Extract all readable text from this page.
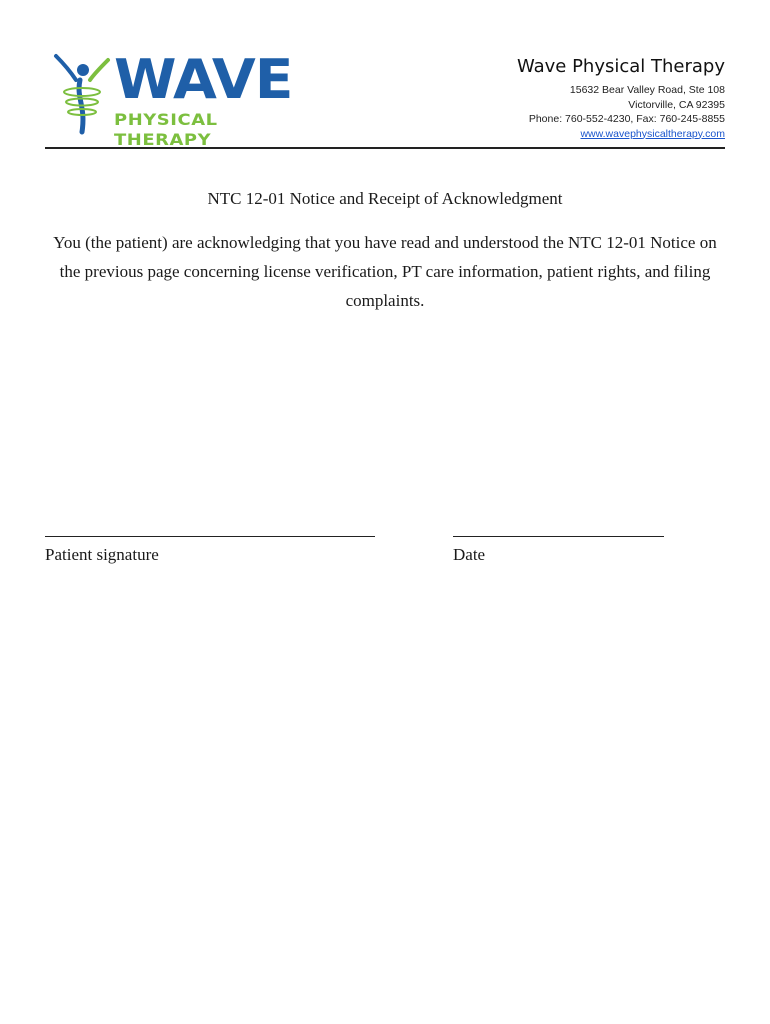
WAVE
PHYSICAL THERAPY
Wave Physical Therapy
15632 Bear Valley Road, Ste 108
Victorville, CA 92395
Phone: 760-552-4230, Fax: 760-245-8855
www.wavephysicaltherapy.com
NTC 12-01 Notice and Receipt of Acknowledgment
You (the patient) are acknowledging that you have read and understood the NTC 12-01 Notice on the previous page concerning license verification, PT care information, patient rights, and filing complaints.
Patient signature	Date
